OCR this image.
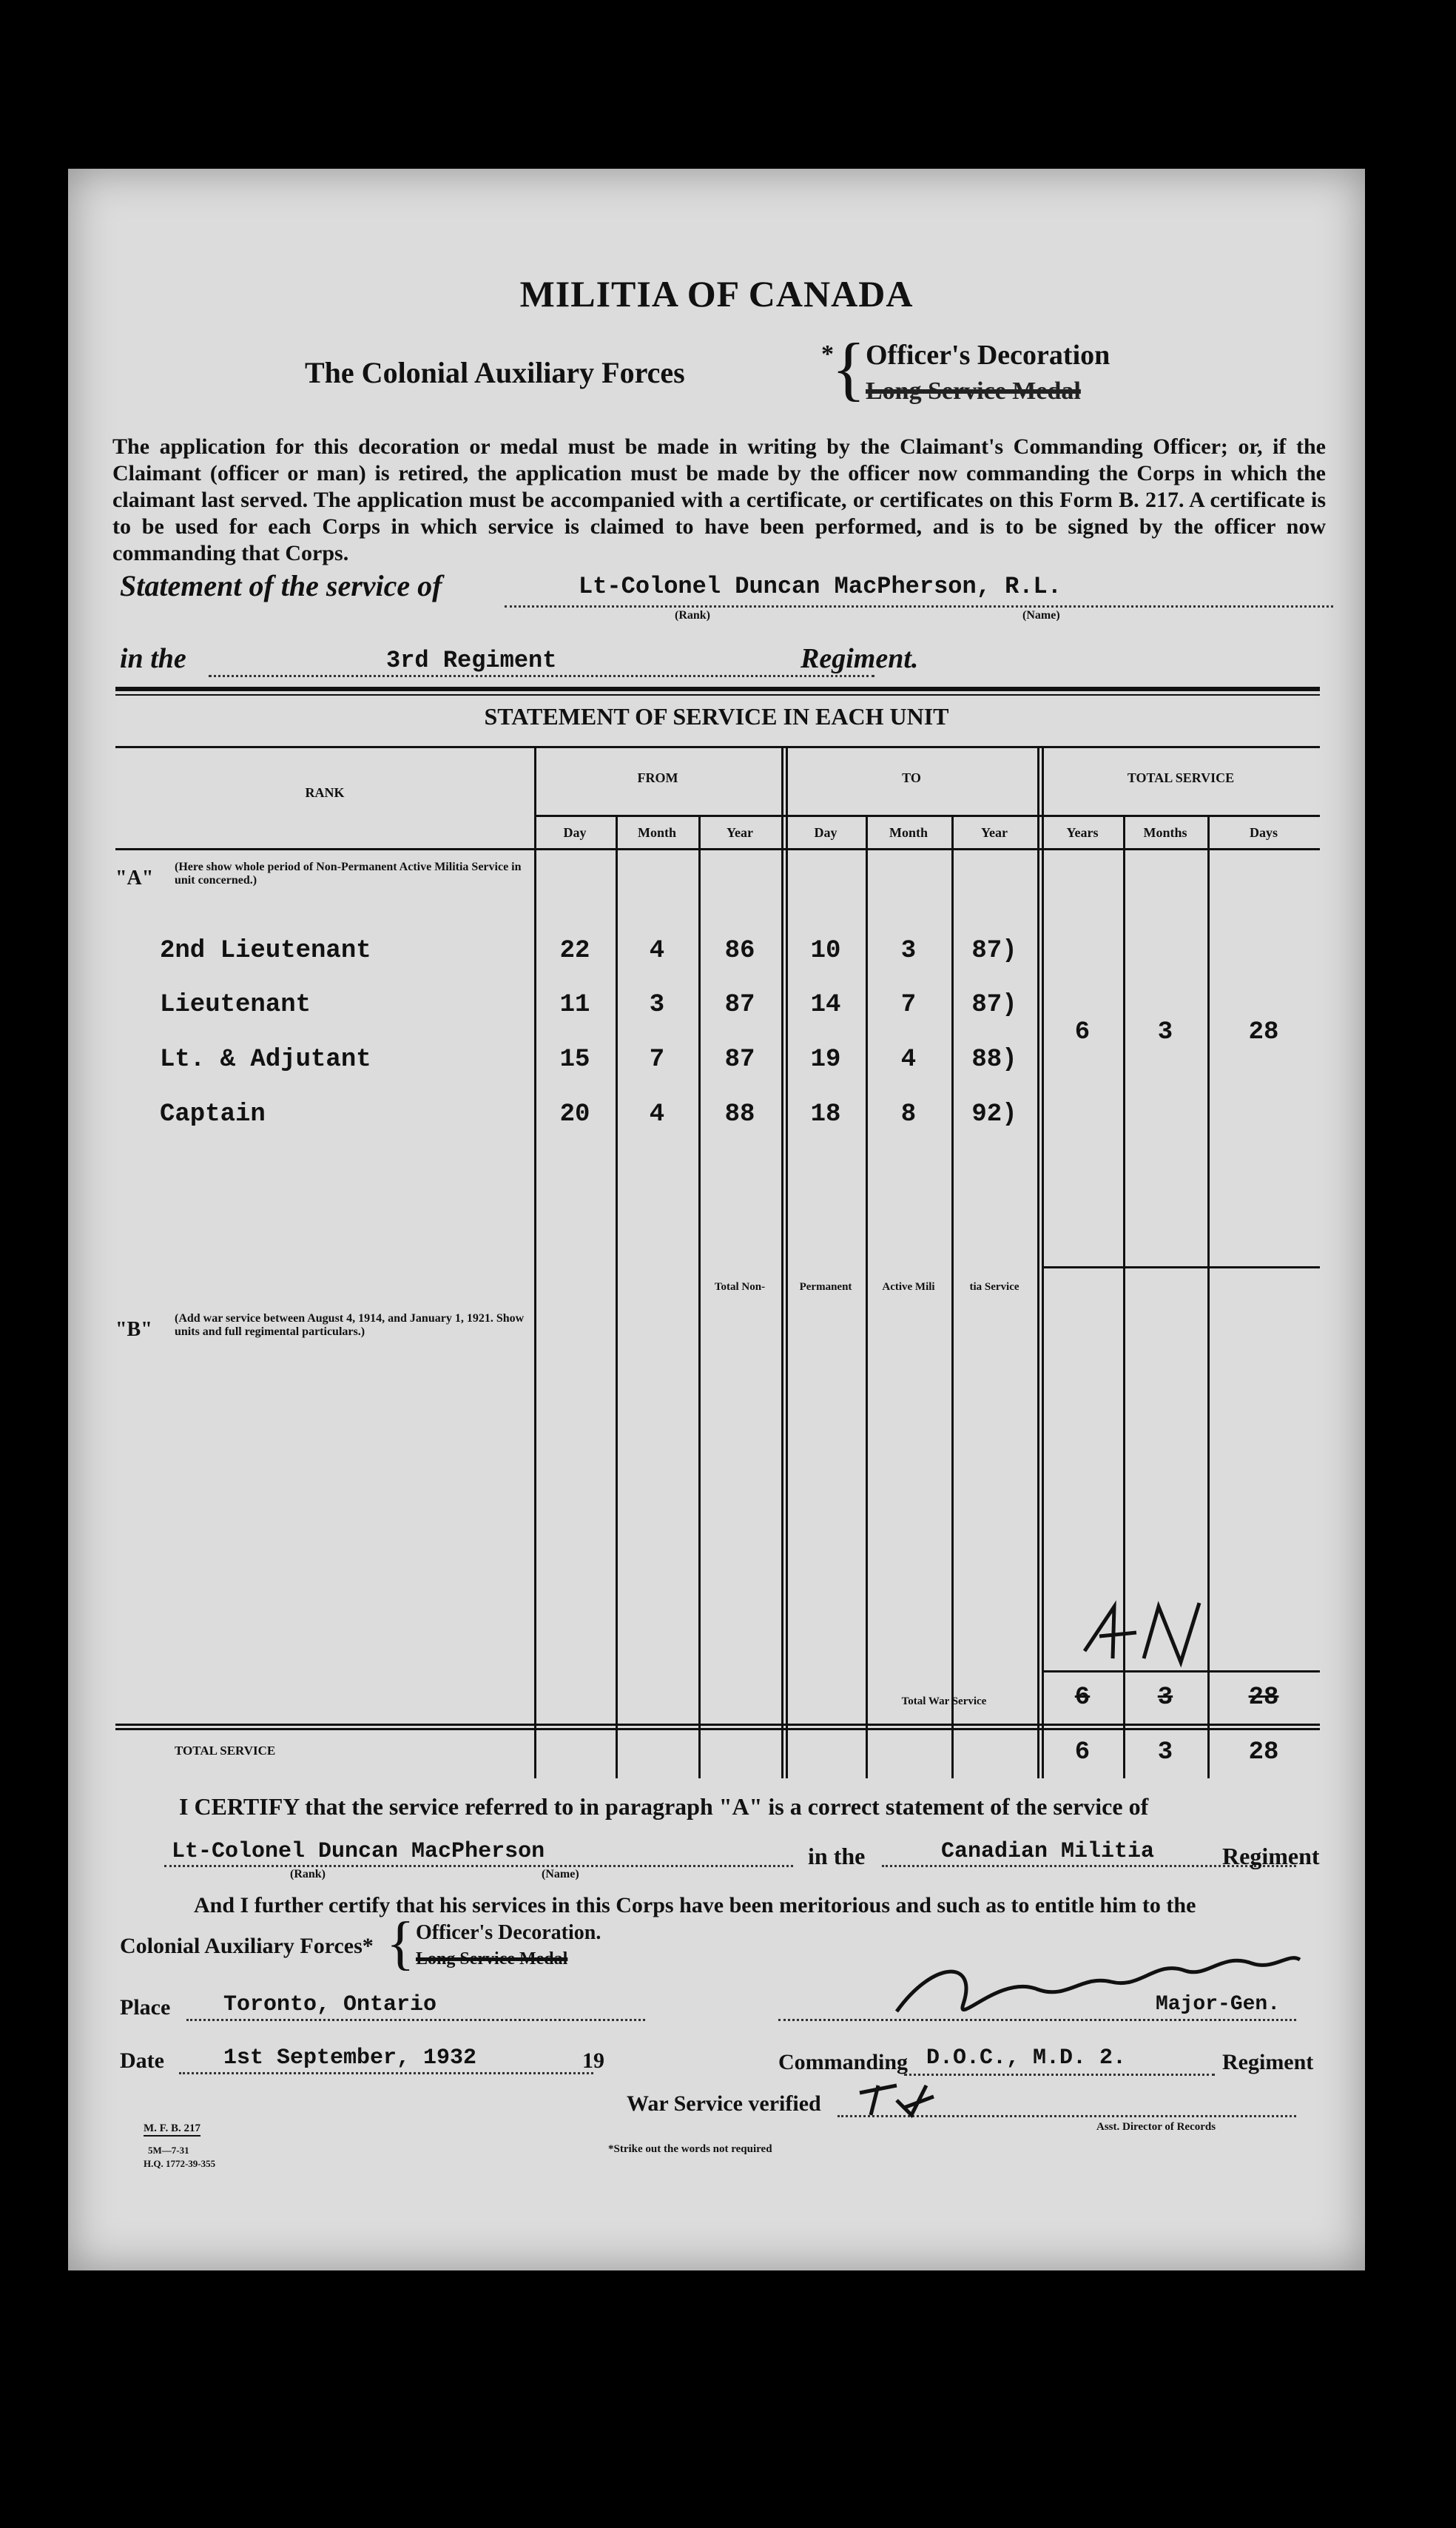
MILITIA OF CANADA
The Colonial Auxiliary Forces
*
{ Officer's Decoration
Long Service Medal
The application for this decoration or medal must be made in writing by the Claimant's Commanding Officer; or, if the Claimant (officer or man) is retired, the application must be made by the officer now commanding the Corps in which the claimant last served. The application must be accompanied with a certificate, or certificates on this Form B. 217. A certificate is to be used for each Corps in which service is claimed to have been performed, and is to be signed by the officer now commanding that Corps.
Statement of the service of	Lt-Colonel Duncan MacPherson, R.L.
(Rank)	(Name)
in the	3rd Regiment	Regiment.
STATEMENT OF SERVICE IN EACH UNIT
RANK
FROM	TO	TOTAL SERVICE
Day	Month	Year	Day	Month	Year	Years	Months	Days
"A" (Here show whole period of Non-Permanent Active Militia Service in unit concerned.)
2nd Lieutenant	22	4	86	10	3	87)
Lieutenant	11	3	87	14	7	87)
Lt. & Adjutant	15	7	87	19	4	88)
Captain	20	4	88	18	8	92)
6	3	28
Total Non-	Permanent	Active Mili	tia Service
"B" (Add war service between August 4, 1914, and January 1, 1921. Show units and full regimental particulars.)
Total War Service	6	3	28
TOTAL SERVICE	6	3	28
I CERTIFY that the service referred to in paragraph "A" is a correct statement of the service of
Lt-Colonel Duncan MacPherson
(Rank)	(Name)
in the	Canadian Militia	Regiment
And I further certify that his services in this Corps have been meritorious and such as to entitle him to the
Colonial Auxiliary Forces* { Officer's Decoration.
Long Service Medal
Place Toronto, Ontario
Date	1st September, 1932	19
Major-Gen.
Commanding D.O.C., M.D. 2.	Regiment
War Service verified
Asst. Director of Records
*Strike out the words not required
M. F. B. 217
5M—7-31
H.Q. 1772-39-355
